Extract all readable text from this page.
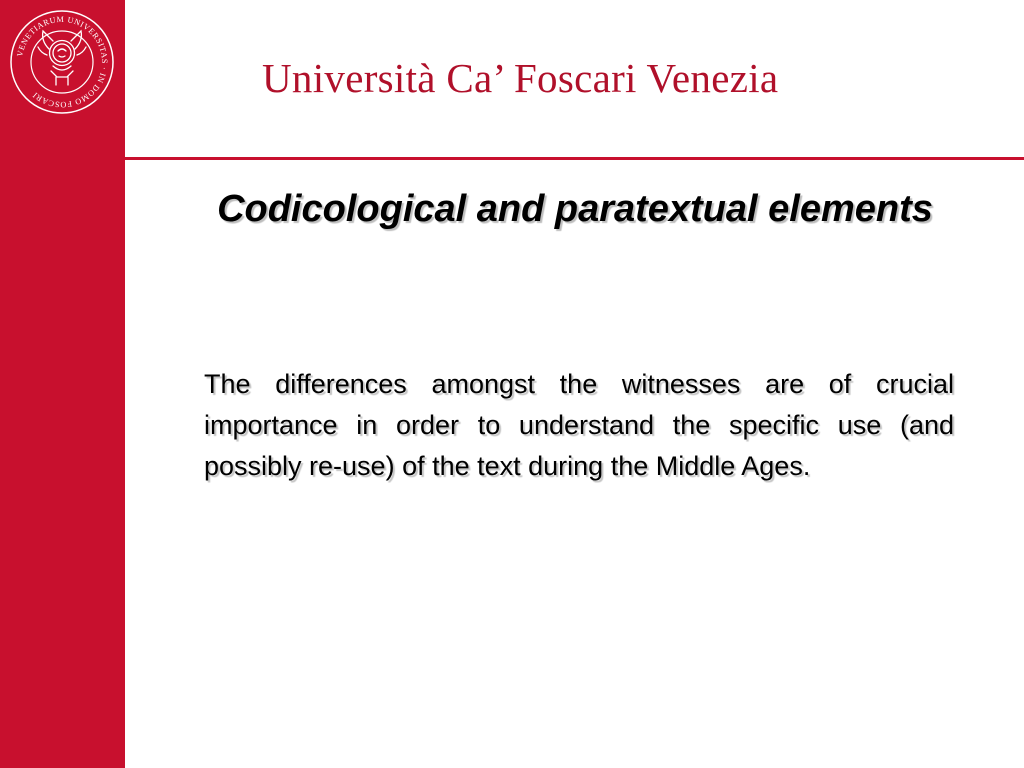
VENETIARUM UNIVERSITAS · IN DOMO FOSCARI	Università Ca’ Foscari Venezia
Codicological and paratextual elements

The differences amongst the witnesses are of crucial importance in order to understand the specific use (and possibly re-use) of the text during the Middle Ages.
